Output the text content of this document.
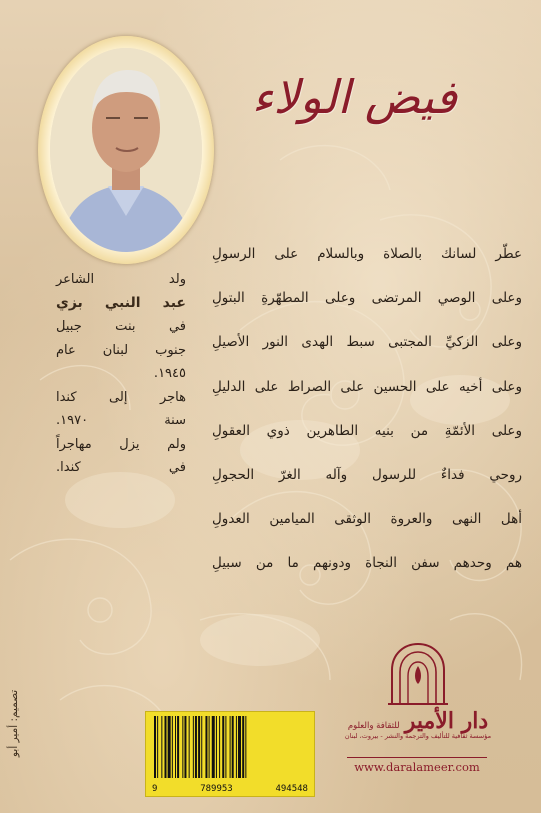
فيض الولاء
عطّر لسانك بالصلاة وبالسلام على الرسولِ
وعلى الوصي المرتضى وعلى المطهّرةِ البتولِ
وعلى الزكيِّ المجتبى سبط الهدى النور الأصيلِ
وعلى أخيه على الحسين على الصراط على الدليلِ
وعلى الأئمّةِ من بنيه الطاهرين ذوي العقولِ
روحي فداءٌ للرسول وآله الغرّ الحجولِ
أهل النهى والعروة الوثقى الميامين العدولِ
هم وحدهم سفن النجاة ودونهم ما من سبيلِ
ولد الشاعر
عبد النبي بزي
في بنت جبيل
جنوب لبنان عام
١٩٤٥.
هاجر إلى كندا
سنة ١٩٧٠.
ولم يزل مهاجراً
في كندا.
تصميم: أمير أبو
9	789953	494548
دار الأمير للثقافة والعلوم
مؤسسة ثقافية للتأليف والترجمة والنشر - بيروت، لبنان
www.daralameer.com
